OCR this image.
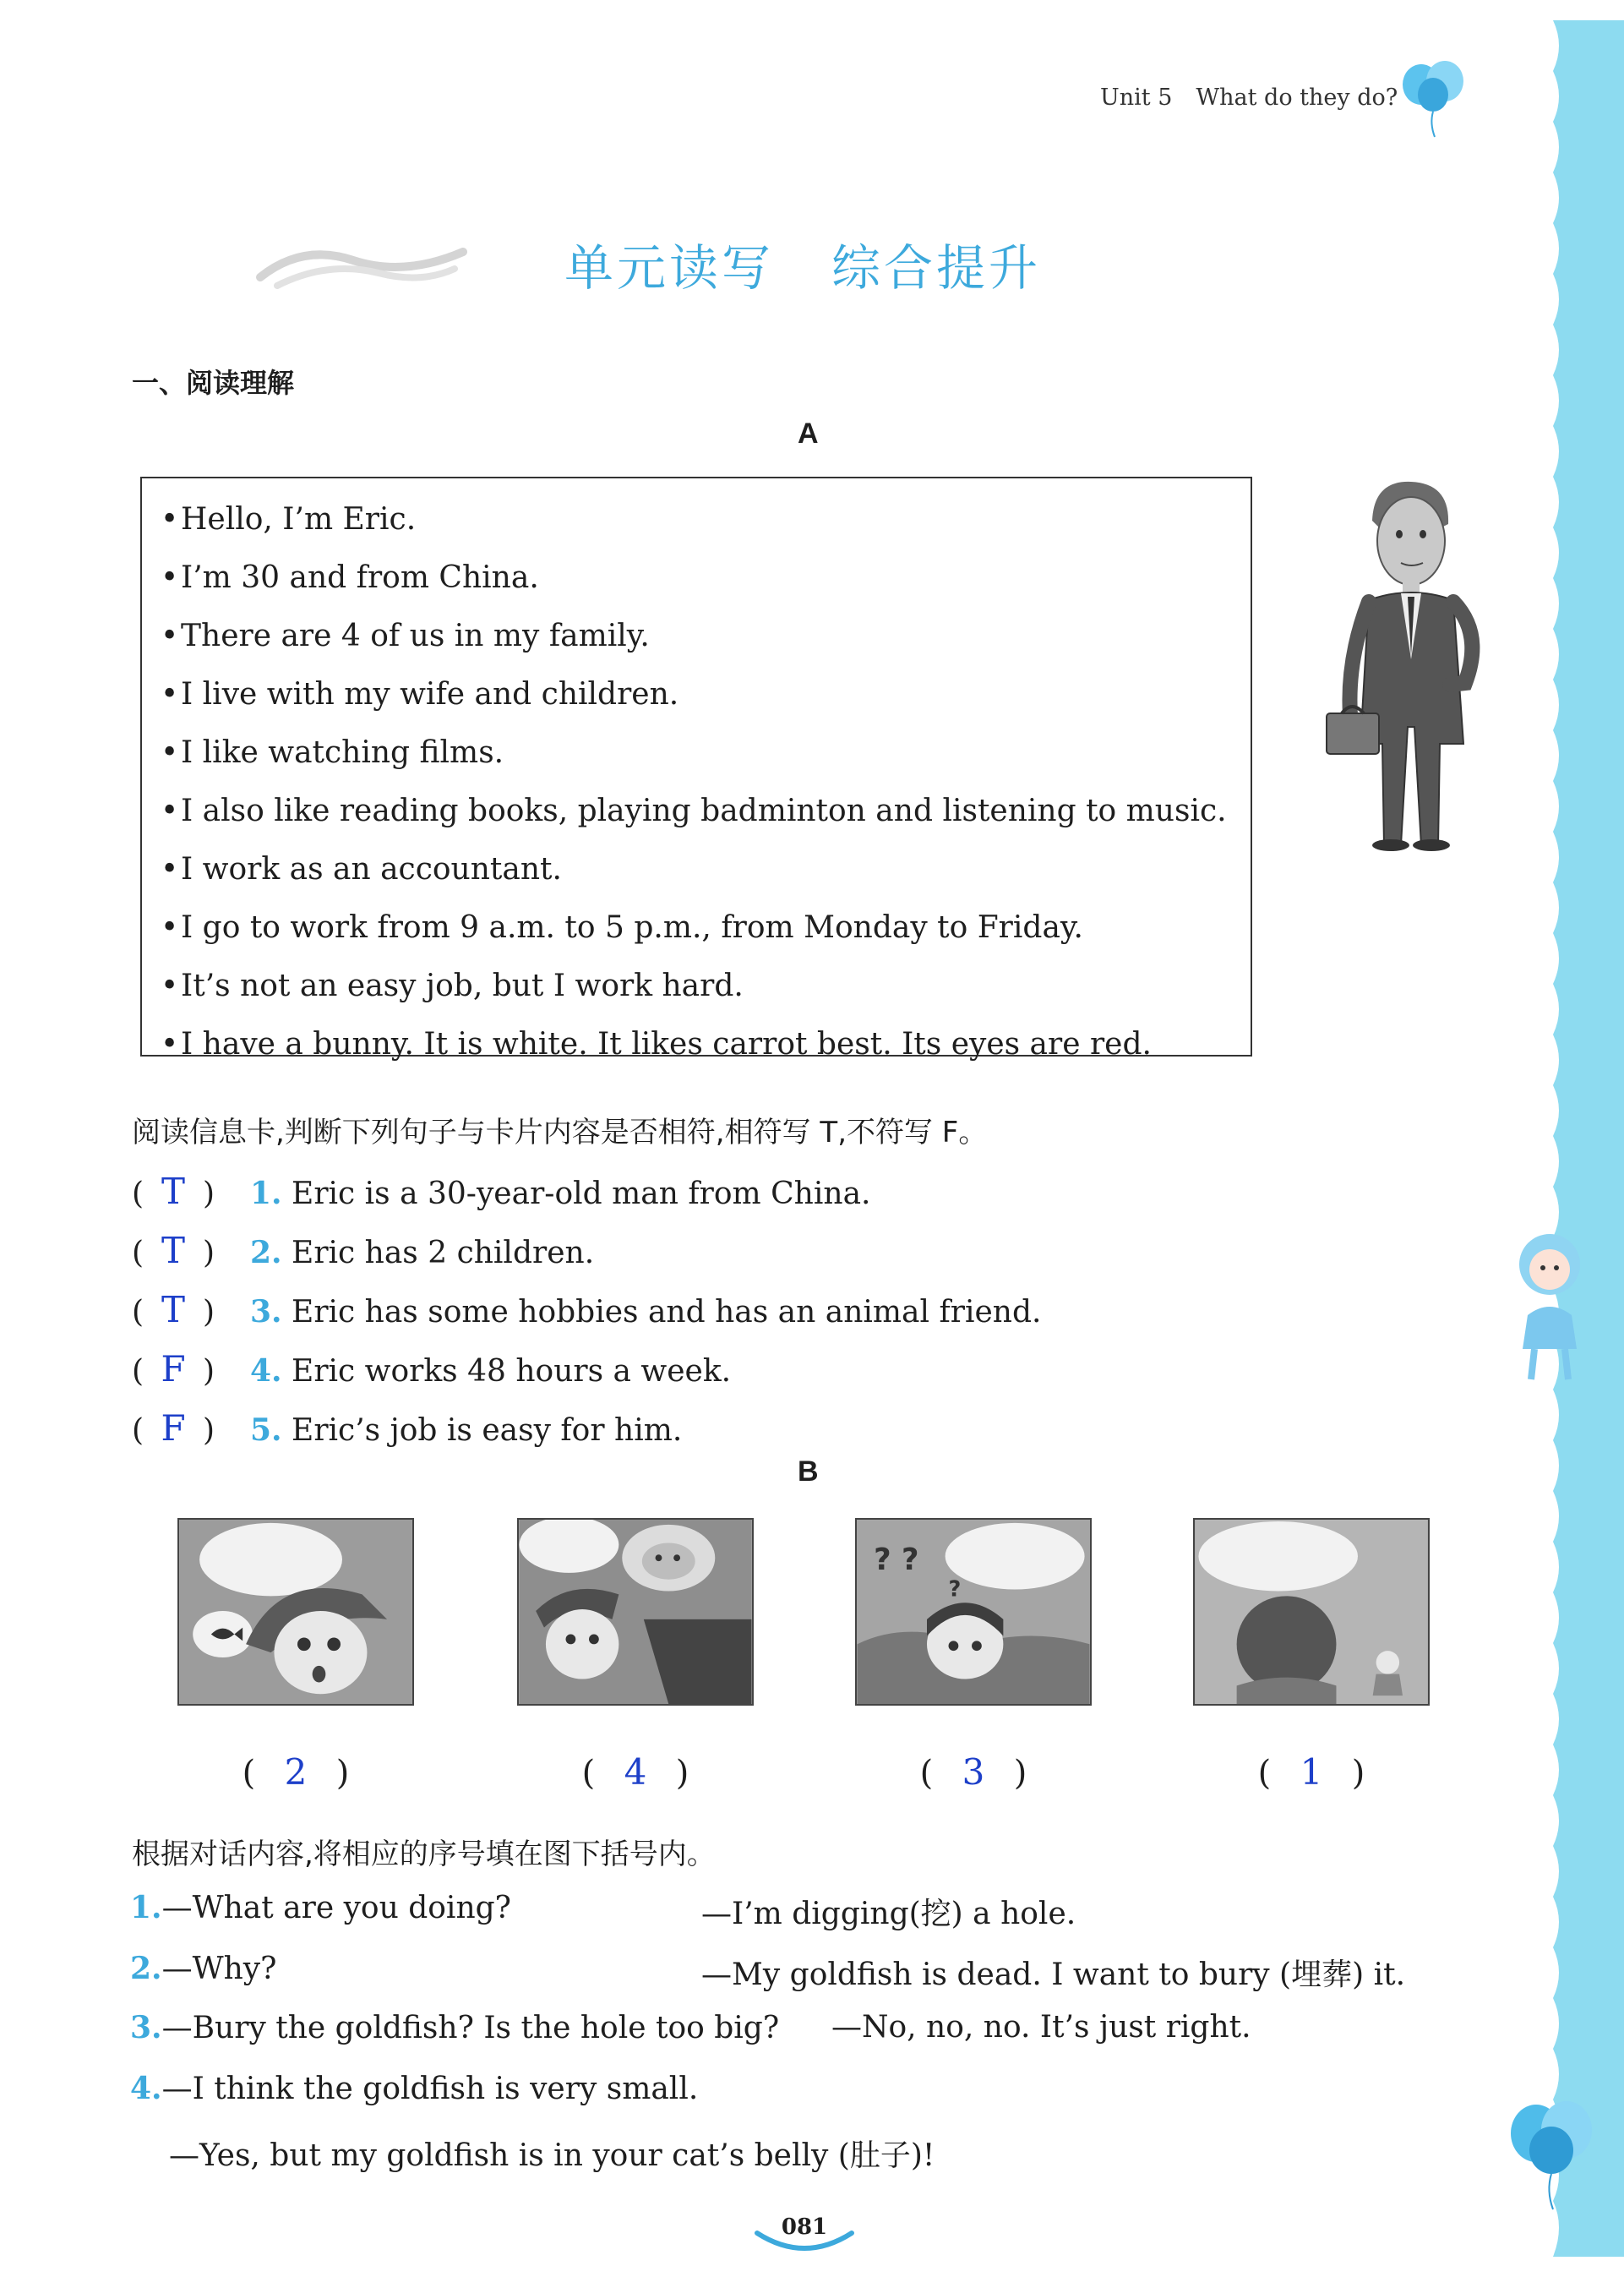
Unit 5 What do they do?
单元读写 综合提升
一、阅读理解
A
• Hello, I’m Eric.
• I’m 30 and from China.
• There are 4 of us in my family.
• I live with my wife and children.
• I like watching films.
• I also like reading books, playing badminton and listening to music.
• I work as an accountant.
• I go to work from 9 a.m. to 5 p.m., from Monday to Friday.
• It’s not an easy job, but I work hard.
• I have a bunny. It is white. It likes carrot best. Its eyes are red.
阅读信息卡,判断下列句子与卡片内容是否相符,相符写 T,不符写 F。
( T ) 1. Eric is a 30-year-old man from China.
( T ) 2. Eric has 2 children.
( T ) 3. Eric has some hobbies and has an animal friend.
( F ) 4. Eric works 48 hours a week.
( F ) 5. Eric’s job is easy for him.
B
? ?
?
( 2 )	( 4 )	( 3 )	( 1 )
根据对话内容,将相应的序号填在图下括号内。
1.—What are you doing?	—I’m digging(挖) a hole.
2.—Why?	—My goldfish is dead. I want to bury (埋葬) it.
3.—Bury the goldfish? Is the hole too big? —No, no, no. It’s just right.
4.—I think the goldfish is very small.
—Yes, but my goldfish is in your cat’s belly (肚子)!
081
